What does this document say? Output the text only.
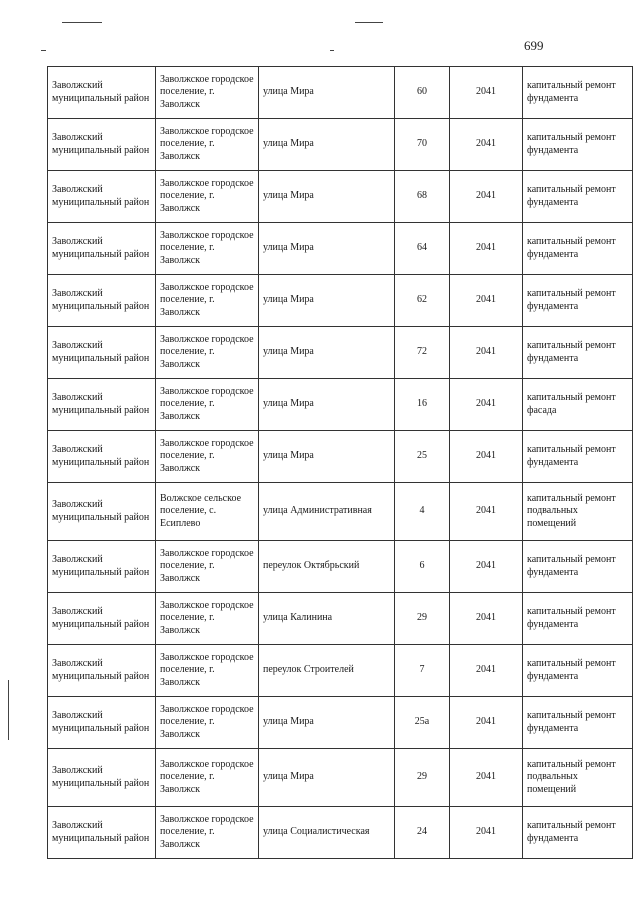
699
Заволжский муниципальный район	Заволжское городское поселение, г. Заволжск	улица Мира	60	2041	капитальный ремонт фундамента
Заволжский муниципальный район	Заволжское городское поселение, г. Заволжск	улица Мира	70	2041	капитальный ремонт фундамента
Заволжский муниципальный район	Заволжское городское поселение, г. Заволжск	улица Мира	68	2041	капитальный ремонт фундамента
Заволжский муниципальный район	Заволжское городское поселение, г. Заволжск	улица Мира	64	2041	капитальный ремонт фундамента
Заволжский муниципальный район	Заволжское городское поселение, г. Заволжск	улица Мира	62	2041	капитальный ремонт фундамента
Заволжский муниципальный район	Заволжское городское поселение, г. Заволжск	улица Мира	72	2041	капитальный ремонт фундамента
Заволжский муниципальный район	Заволжское городское поселение, г. Заволжск	улица Мира	16	2041	капитальный ремонт фасада
Заволжский муниципальный район	Заволжское городское поселение, г. Заволжск	улица Мира	25	2041	капитальный ремонт фундамента
Заволжский муниципальный район	Волжское сельское поселение, с. Есиплево	улица Административная	4	2041	капитальный ремонт подвальных помещений
Заволжский муниципальный район	Заволжское городское поселение, г. Заволжск	переулок Октябрьский	6	2041	капитальный ремонт фундамента
Заволжский муниципальный район	Заволжское городское поселение, г. Заволжск	улица Калинина	29	2041	капитальный ремонт фундамента
Заволжский муниципальный район	Заволжское городское поселение, г. Заволжск	переулок Строителей	7	2041	капитальный ремонт фундамента
Заволжский муниципальный район	Заволжское городское поселение, г. Заволжск	улица Мира	25а	2041	капитальный ремонт фундамента
Заволжский муниципальный район	Заволжское городское поселение, г. Заволжск	улица Мира	29	2041	капитальный ремонт подвальных помещений
Заволжский муниципальный район	Заволжское городское поселение, г. Заволжск	улица Социалистическая	24	2041	капитальный ремонт фундамента
